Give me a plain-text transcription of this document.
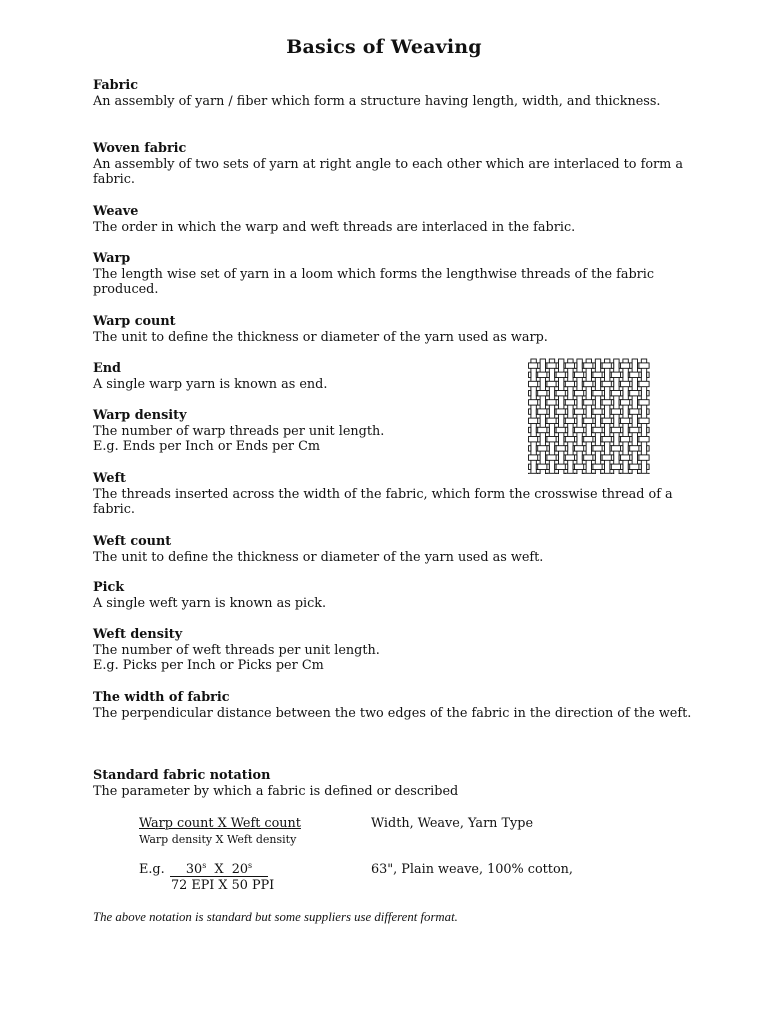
Basics of Weaving
Fabric
An assembly of yarn / fiber which form a structure having length, width, and thickness.
Woven fabric
An assembly of two sets of yarn at right angle to each other which are interlaced to form a fabric.
Weave
The order in which the warp and weft threads are interlaced in the fabric.
Warp
The length wise set of yarn in a loom which forms the lengthwise threads of the fabric produced.
Warp count
The unit to define the thickness or diameter of the yarn used as warp.
End
A single warp yarn is known as end.
Warp density
The number of warp threads per unit length.
E.g. Ends per Inch or Ends per Cm
Weft
The threads inserted across the width of the fabric, which form the crosswise thread of a fabric.
Weft count
The unit to define the thickness or diameter of the yarn used as weft.
Pick
A single weft yarn is known as pick.
Weft density
The number of weft threads per unit length.
E.g. Picks per Inch or Picks per Cm
The width of fabric
The perpendicular distance between the two edges of the fabric in the direction of the weft.
Standard fabric notation
The parameter by which a fabric is defined or described
Warp count X Weft count
Warp density X Weft density
Width, Weave, Yarn Type
E.g.	30$^s$ X 20$^s$
72 EPI X 50 PPI
63", Plain weave, 100% cotton,
The above notation is standard but some suppliers use different format.
